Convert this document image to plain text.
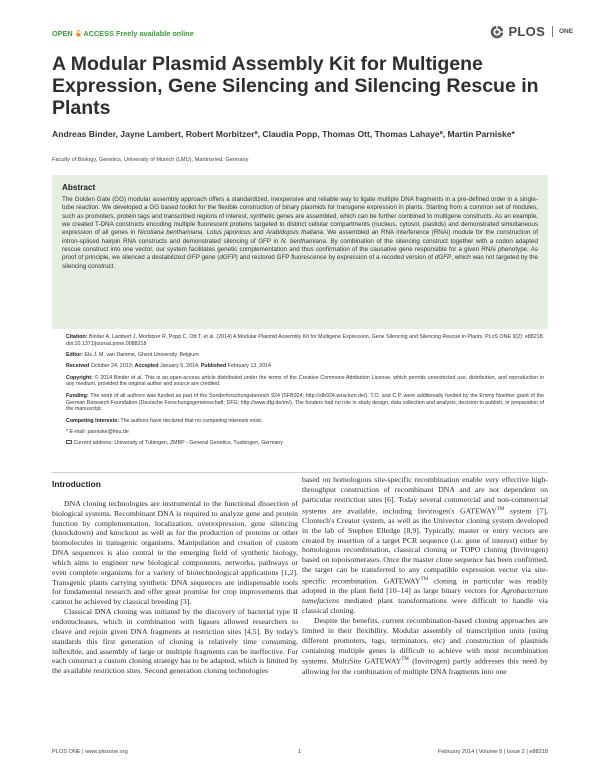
OPEN ACCESS Freely available online	PLOS ONE
A Modular Plasmid Assembly Kit for Multigene Expression, Gene Silencing and Silencing Rescue in Plants
Andreas Binder, Jayne Lambert, Robert Morbitzerª, Claudia Popp, Thomas Ott, Thomas Lahayeª, Martin Parniske*
Faculty of Biology, Genetics, University of Munich (LMU), Martinsried, Germany
Abstract

The Golden Gate (GG) modular assembly approach offers a standardized, inexpensive and reliable way to ligate multiple DNA fragments in a pre-defined order in a single-tube reaction. We developed a GG based toolkit for the flexible construction of binary plasmids for transgene expression in plants. Starting from a common set of modules, such as promoters, protein tags and transcribed regions of interest, synthetic genes are assembled, which can be further combined to multigene constructs. As an example, we created T-DNA constructs encoding multiple fluorescent proteins targeted to distinct cellular compartments (nucleus, cytosol, plastids) and demonstrated simultaneous expression of all genes in Nicotiana benthamiana, Lotus japonicus and Arabidopsis thaliana. We assembled an RNA interference (RNAi) module for the construction of intron-spliced hairpin RNA constructs and demonstrated silencing of GFP in N. benthamiana. By combination of the silencing construct together with a codon adapted rescue construct into one vector, our system facilitates genetic complementation and thus confirmation of the causative gene responsible for a given RNAi phenotype. As proof of principle, we silenced a destabilized GFP gene (dGFP) and restored GFP fluorescence by expression of a recoded version of dGFP, which was not targeted by the silencing construct.

Citation: Binder A, Lambert J, Morbitzer R, Popp C, Ott T, et al. (2014) A Modular Plasmid Assembly Kit for Multigene Expression, Gene Silencing and Silencing Rescue in Plants. PLoS ONE 9(2): e88218. doi:10.1371/journal.pone.0088218

Editor: Els J. M. van Damme, Ghent University, Belgium

Received October 24, 2013; Accepted January 5, 2014; Published February 13, 2014

Copyright: © 2014 Binder et al. This is an open-access article distributed under the terms of the Creative Commons Attribution License, which permits unrestricted use, distribution, and reproduction in any medium, provided the original author and source are credited.

Funding: The work of all authors was funded as part of the Sonderforschungsbereich 924 (SFB924; http://sfb924.wzw.tum.de/). T.O. and C.P. were additionally funded by the Emmy Noether grant of the German Research Foundation (Deutsche Forschungsgemeinschaft; DFG; http://www.dfg.de/en/). The funders had no role in study design, data collection and analysis, decision to publish, or preparation of the manuscript.

Competing Interests: The authors have declared that no competing interests exist.

* E-mail: parniske@lmu.de

Current address: University of Tübingen, ZMBP - General Genetics, Tuebingen, Germany

Introduction

DNA cloning technologies are instrumental to the functional dissection of biological systems. Recombinant DNA is required to analyze gene and protein function by complementation, localization, overexpression, gene silencing (knockdown) and knockout as well as for the production of proteins or other biomolecules in transgenic organisms. Manipulation and creation of custom DNA sequences is also central in the emerging field of synthetic biology, which aims to engineer new biological components, networks, pathways or even complete organisms for a variety of biotechnological applications [1,2]. Transgenic plants carrying synthetic DNA sequences are indispensable tools for fundamental research and offer great promise for crop improvements that cannot be achieved by classical breeding [3].

Classical DNA cloning was initiated by the discovery of bacterial type II endonucleases, which in combination with ligases allowed researchers to cleave and rejoin given DNA fragments at restriction sites [4,5]. By today's standards this first generation of cloning is relatively time consuming, inflexible, and assembly of large or multiple fragments can be ineffective. For each construct a custom cloning strategy has to be adapted, which is limited by the available restriction sites. Second generation cloning technologies

based on homologous site-specific recombination enable very effective high-throughput construction of recombinant DNA and are not dependent on particular restriction sites [6]. Today several commercial and non-commercial systems are available, including Invitrogen's GATEWAY™ system [7], Clontech's Creator system, as well as the Univector cloning system developed in the lab of Stephen Elledge [8,9]. Typically, master or entry vectors are created by insertion of a target PCR sequence (i.e. gene of interest) either by homologous recombination, classical cloning or TOPO cloning (Invitrogen) based on topoisomerases. Once the master clone sequence has been confirmed, the target can be transferred to any compatible expression vector via site-specific recombination. GATEWAY™ cloning in particular was readily adopted in the plant field [10–14] as large binary vectors for Agrobacterium tumefaciens mediated plant transformations were difficult to handle via classical cloning.

Despite the benefits, current recombination-based cloning approaches are limited in their flexibility. Modular assembly of transcription units (using different promoters, tags, terminators, etc) and construction of plasmids containing multiple genes is difficult to achieve with most recombination systems. MultiSite GATEWAY™ (Invitrogen) partly addresses this need by allowing for the combination of multiple DNA fragments into one

PLOS ONE | www.plosone.org	1	February 2014 | Volume 9 | Issue 2 | e88218
